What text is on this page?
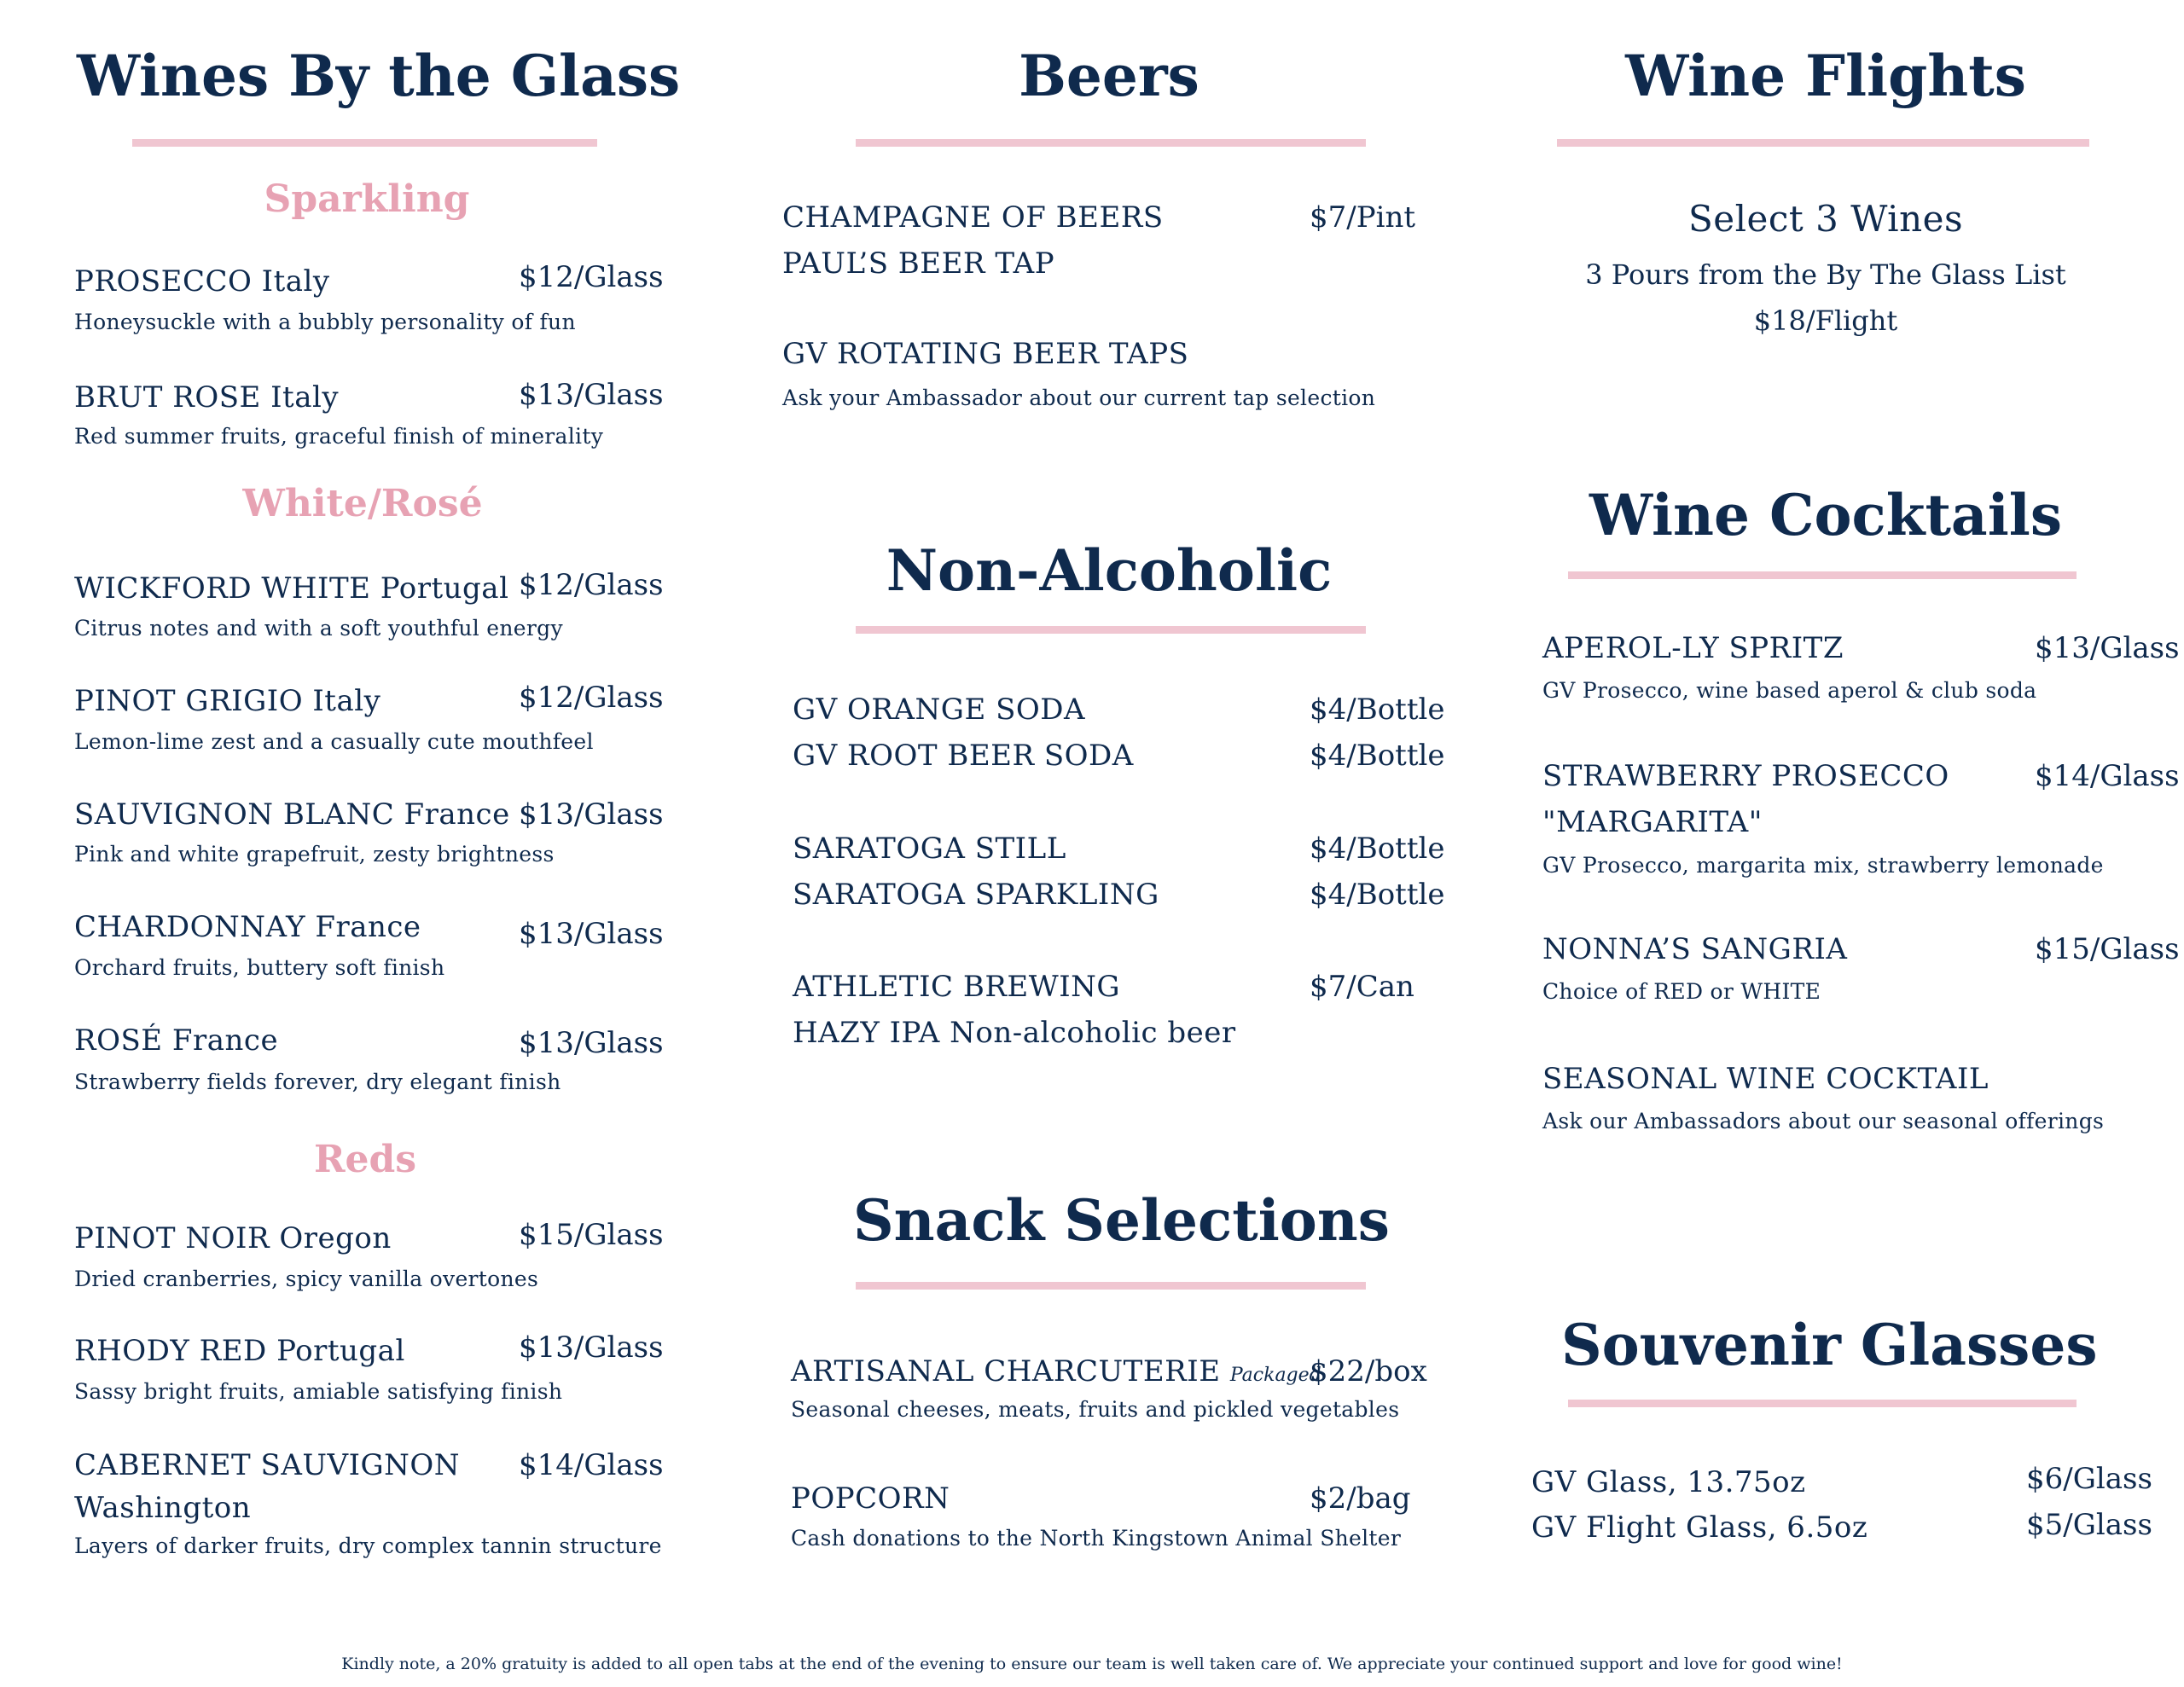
Wines By the Glass
Sparkling
PROSECCO Italy	$12/Glass
Honeysuckle with a bubbly personality of fun
BRUT ROSE Italy	$13/Glass
Red summer fruits, graceful finish of minerality
White/Rosé
WICKFORD WHITE Portugal $12/Glass
Citrus notes and with a soft youthful energy
PINOT GRIGIO Italy	$12/Glass
Lemon-lime zest and a casually cute mouthfeel
SAUVIGNON BLANC France $13/Glass
Pink and white grapefruit, zesty brightness
CHARDONNAY France	$13/Glass
Orchard fruits, buttery soft finish
ROSÉ France	$13/Glass
Strawberry fields forever, dry elegant finish
Reds
PINOT NOIR Oregon	$15/Glass
Dried cranberries, spicy vanilla overtones
RHODY RED Portugal	$13/Glass
Sassy bright fruits, amiable satisfying finish
CABERNET SAUVIGNON $14/Glass
Washington
Layers of darker fruits, dry complex tannin structure
Beers
CHAMPAGNE OF BEERS	$7/Pint
PAUL’S BEER TAP
GV ROTATING BEER TAPS
Ask your Ambassador about our current tap selection
Non-Alcoholic
GV ORANGE SODA	$4/Bottle
GV ROOT BEER SODA	$4/Bottle
SARATOGA STILL	$4/Bottle
SARATOGA SPARKLING	$4/Bottle
ATHLETIC BREWING	$7/Can
HAZY IPA Non-alcoholic beer
Snack Selections
ARTISANAL CHARCUTERIE Packaged
$22/box
Seasonal cheeses, meats, fruits and pickled vegetables
POPCORN	$2/bag
Cash donations to the North Kingstown Animal Shelter
Wine Flights
Select 3 Wines
3 Pours from the By The Glass List
$18/Flight
Wine Cocktails
APEROL-LY SPRITZ	$13/Glass
GV Prosecco, wine based aperol & club soda
STRAWBERRY PROSECCO	$14/Glass
"MARGARITA"
GV Prosecco, margarita mix, strawberry lemonade
NONNA’S SANGRIA	$15/Glass
Choice of RED or WHITE
SEASONAL WINE COCKTAIL
Ask our Ambassadors about our seasonal offerings
Souvenir Glasses
GV Glass, 13.75oz	$6/Glass
GV Flight Glass, 6.5oz	$5/Glass
Kindly note, a 20% gratuity is added to all open tabs at the end of the evening to ensure our team is well taken care of. We appreciate your continued support and love for good wine!
